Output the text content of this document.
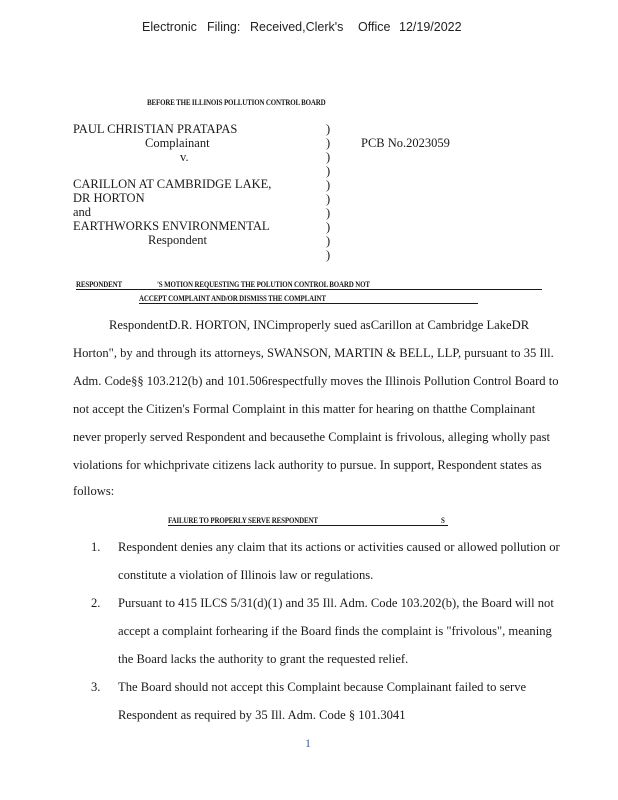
Electronic Filing: Received,Clerk's Office 12/19/2022
BEFORE THE ILLINOIS POLLUTION CONTROL BOARD
PAUL CHRISTIAN PRATAPAS
Complainant
v.
CARILLON AT CAMBRIDGE LAKE,
DR HORTON
and
EARTHWORKS ENVIRONMENTAL
Respondent
)
)
)
)
)
)
)
)
)
)
PCB No.2023059
RESPONDENT	'S MOTION REQUESTING THE POLUTION CONTROL BOARD NOT
ACCEPT COMPLAINT AND/OR DISMISS THE COMPLAINT
RespondentD.R. HORTON, INCimproperly sued asCarillon at Cambridge LakeDR
Horton", by and through its attorneys, SWANSON, MARTIN & BELL, LLP, pursuant to 35 Ill.
Adm. Code§§ 103.212(b) and 101.506respectfully moves the Illinois Pollution Control Board to
not accept the Citizen's Formal Complaint in this matter for hearing on thatthe Complainant
never properly served Respondent and becausethe Complaint is frivolous, alleging wholly past
violations for whichprivate citizens lack authority to pursue. In support, Respondent states as
follows:
FAILURE TO PROPERLY SERVE RESPONDENT	S
1. Respondent denies any claim that its actions or activities caused or allowed pollution or
constitute a violation of Illinois law or regulations.
2. Pursuant to 415 ILCS 5/31(d)(1) and 35 Ill. Adm. Code 103.202(b), the Board will not
accept a complaint forhearing if the Board finds the complaint is "frivolous", meaning
the Board lacks the authority to grant the requested relief.
3. The Board should not accept this Complaint because Complainant failed to serve
Respondent as required by 35 Ill. Adm. Code § 101.3041
1
